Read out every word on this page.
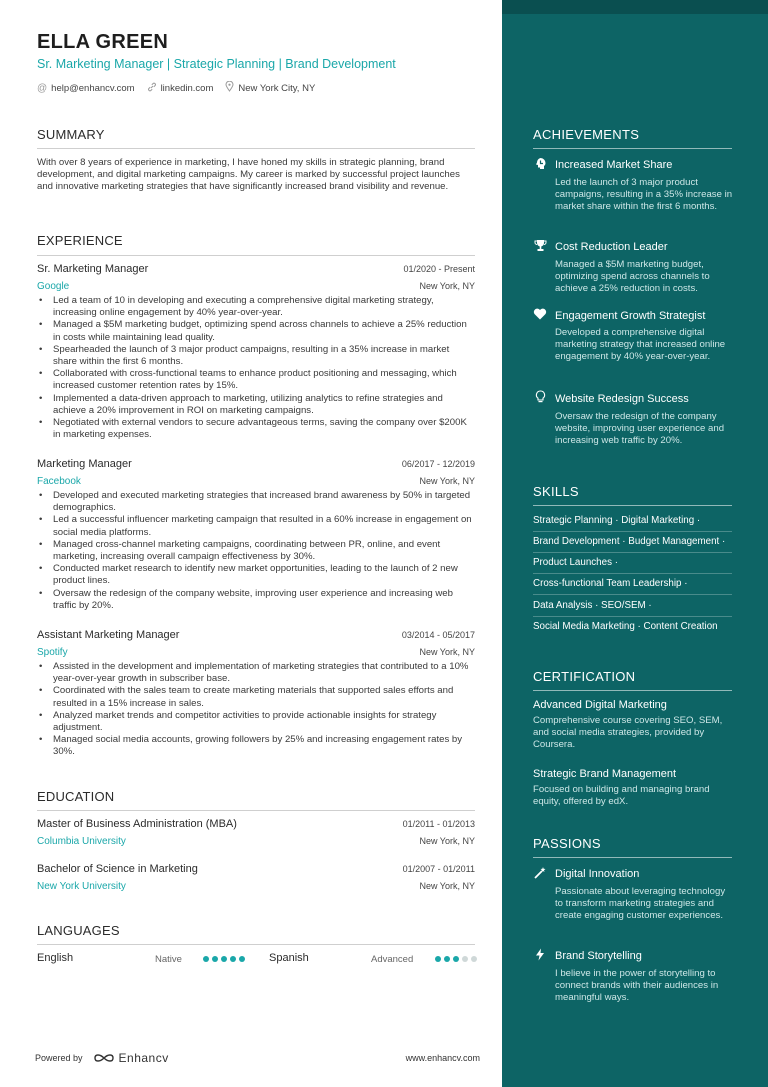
ELLA GREEN
Sr. Marketing Manager | Strategic Planning | Brand Development
@ help@enhancv.com	linkedin.com	New York City, NY
SUMMARY
With over 8 years of experience in marketing, I have honed my skills in strategic planning, brand development, and digital marketing campaigns. My career is marked by successful project launches and innovative marketing strategies that have significantly increased brand visibility and revenue.
EXPERIENCE
Sr. Marketing Manager	01/2020 - Present
Google	New York, NY
• Led a team of 10 in developing and executing a comprehensive digital marketing strategy, increasing online engagement by 40% year-over-year.
• Managed a $5M marketing budget, optimizing spend across channels to achieve a 25% reduction in costs while maintaining lead quality.
• Spearheaded the launch of 3 major product campaigns, resulting in a 35% increase in market share within the first 6 months.
• Collaborated with cross-functional teams to enhance product positioning and messaging, which increased customer retention rates by 15%.
• Implemented a data-driven approach to marketing, utilizing analytics to refine strategies and achieve a 20% improvement in ROI on marketing campaigns.
• Negotiated with external vendors to secure advantageous terms, saving the company over $200K in marketing expenses.
Marketing Manager	06/2017 - 12/2019
Facebook	New York, NY
• Developed and executed marketing strategies that increased brand awareness by 50% in targeted demographics.
• Led a successful influencer marketing campaign that resulted in a 60% increase in engagement on social media platforms.
• Managed cross-channel marketing campaigns, coordinating between PR, online, and event marketing, increasing overall campaign effectiveness by 30%.
• Conducted market research to identify new market opportunities, leading to the launch of 2 new product lines.
• Oversaw the redesign of the company website, improving user experience and increasing web traffic by 20%.
Assistant Marketing Manager	03/2014 - 05/2017
Spotify	New York, NY
• Assisted in the development and implementation of marketing strategies that contributed to a 10% year-over-year growth in subscriber base.
• Coordinated with the sales team to create marketing materials that supported sales efforts and resulted in a 15% increase in sales.
• Analyzed market trends and competitor activities to provide actionable insights for strategy adjustment.
• Managed social media accounts, growing followers by 25% and increasing engagement rates by 30%.
EDUCATION
Master of Business Administration (MBA)	01/2011 - 01/2013
Columbia University	New York, NY
Bachelor of Science in Marketing	01/2007 - 01/2011
New York University	New York, NY
LANGUAGES
English	Native	Spanish	Advanced
Powered by	Enhancv	www.enhancv.com
ACHIEVEMENTS
Increased Market Share
Led the launch of 3 major product campaigns, resulting in a 35% increase in market share within the first 6 months.
Cost Reduction Leader
Managed a $5M marketing budget, optimizing spend across channels to achieve a 25% reduction in costs.
Engagement Growth Strategist
Developed a comprehensive digital marketing strategy that increased online engagement by 40% year-over-year.
Website Redesign Success
Oversaw the redesign of the company website, improving user experience and increasing web traffic by 20%.
SKILLS
Strategic Planning · Digital Marketing ·
Brand Development · Budget Management ·
Product Launches ·
Cross-functional Team Leadership ·
Data Analysis · SEO/SEM ·
Social Media Marketing · Content Creation
CERTIFICATION
Advanced Digital Marketing
Comprehensive course covering SEO, SEM, and social media strategies, provided by Coursera.
Strategic Brand Management
Focused on building and managing brand equity, offered by edX.
PASSIONS
Digital Innovation
Passionate about leveraging technology to transform marketing strategies and create engaging customer experiences.
Brand Storytelling
I believe in the power of storytelling to connect brands with their audiences in meaningful ways.
